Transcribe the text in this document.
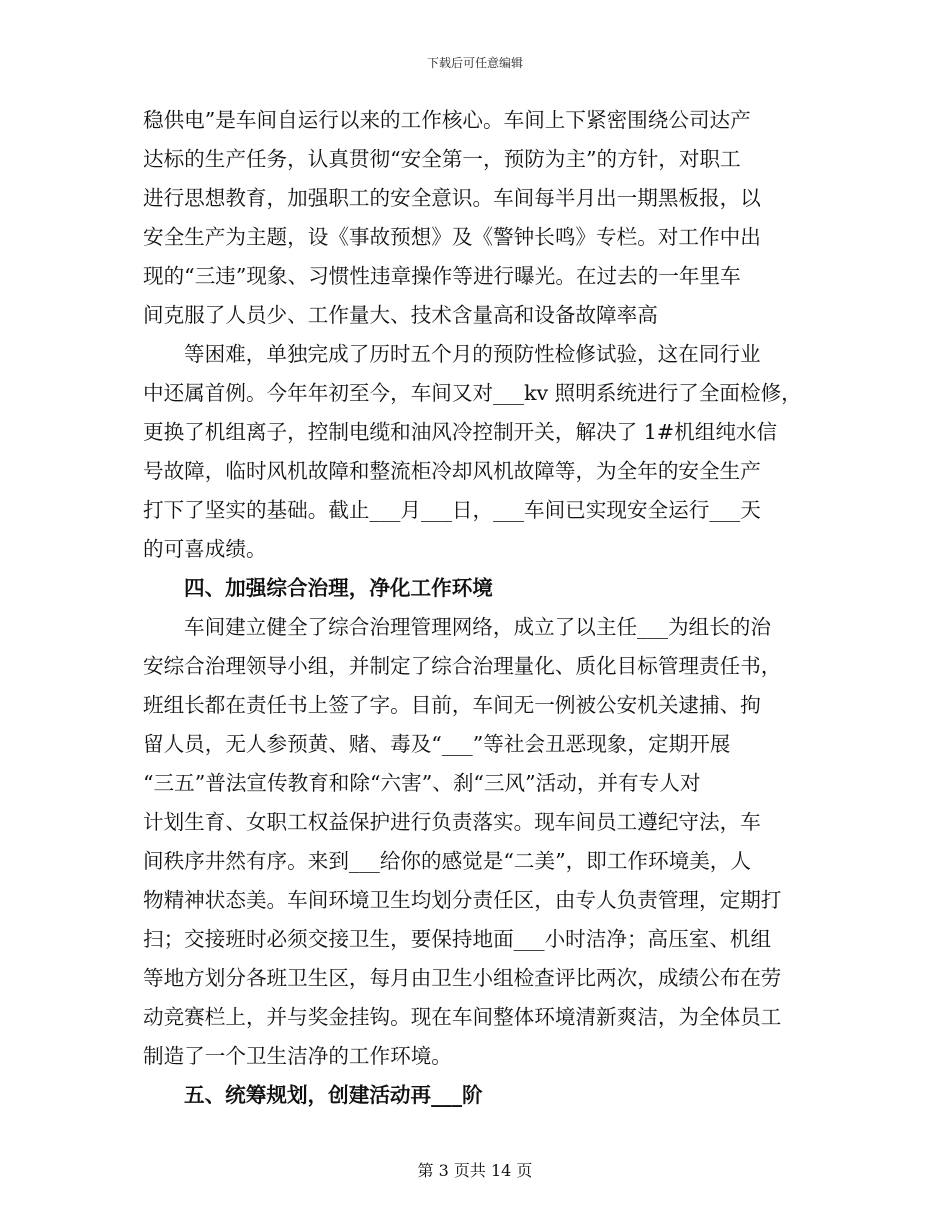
下载后可任意编辑
稳供电”是车间自运行以来的工作核心。车间上下紧密围绕公司达产
达标的生产任务，认真贯彻“安全第一，预防为主”的方针，对职工
进行思想教育，加强职工的安全意识。车间每半月出一期黑板报，以
安全生产为主题，设《事故预想》及《警钟长鸣》专栏。对工作中出
现的“三违”现象、习惯性违章操作等进行曝光。在过去的一年里车
间克服了人员少、工作量大、技术含量高和设备故障率高
等困难，单独完成了历时五个月的预防性检修试验，这在同行业
中还属首例。今年年初至今，车间又对___kv 照明系统进行了全面检修，
更换了机组离子，控制电缆和油风冷控制开关，解决了 1#机组纯水信
号故障，临时风机故障和整流柜冷却风机故障等，为全年的安全生产
打下了坚实的基础。截止___月___日，___车间已实现安全运行___天
的可喜成绩。
四、加强综合治理，净化工作环境
车间建立健全了综合治理管理网络，成立了以主任___为组长的治
安综合治理领导小组，并制定了综合治理量化、质化目标管理责任书，
班组长都在责任书上签了字。目前，车间无一例被公安机关逮捕、拘
留人员，无人参预黄、赌、毒及“___”等社会丑恶现象，定期开展
“三五”普法宣传教育和除“六害”、刹“三风”活动，并有专人对
计划生育、女职工权益保护进行负责落实。现车间员工遵纪守法，车
间秩序井然有序。来到___给你的感觉是“二美”，即工作环境美，人
物精神状态美。车间环境卫生均划分责任区，由专人负责管理，定期打
扫；交接班时必须交接卫生，要保持地面___小时洁净；高压室、机组
等地方划分各班卫生区，每月由卫生小组检查评比两次，成绩公布在劳
动竞赛栏上，并与奖金挂钩。现在车间整体环境清新爽洁，为全体员工
制造了一个卫生洁净的工作环境。
五、统筹规划，创建活动再___阶
第 3 页共 14 页
